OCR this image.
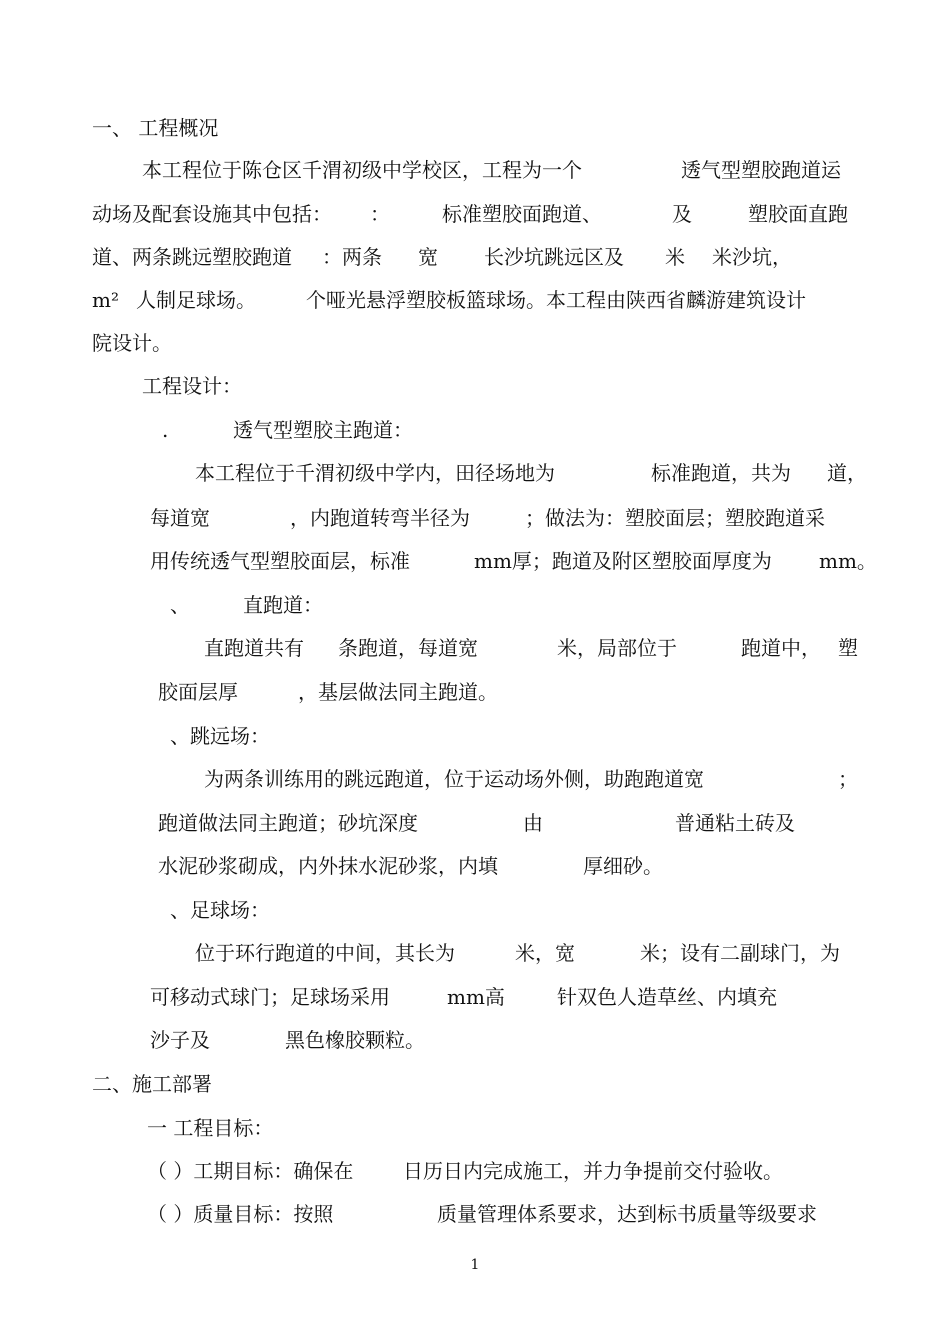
一、 工程概况
本工程位于陈仓区千渭初级中学校区，工程为一个	透气型塑胶跑道运
动场及配套设施其中包括： ：	标准塑胶面跑道、	及	塑胶面直跑
道、两条跳远塑胶跑道 ：两条 宽 长沙坑跳远区及 米 米沙坑，
m² 人制足球场。	个哑光悬浮塑胶板篮球场。本工程由陕西省麟游建筑设计
院设计。
工程设计：
.	透气型塑胶主跑道：
本工程位于千渭初级中学内，田径场地为	标准跑道，共为 道，
每道宽	，内跑道转弯半径为	；做法为：塑胶面层；塑胶跑道采
用传统透气型塑胶面层，标准	mm厚；跑道及附区塑胶面厚度为 mm。
、	直跑道：
直跑道共有 条跑道，每道宽	米，局部位于	跑道中， 塑
胶面层厚	，基层做法同主跑道。
、跳远场：
为两条训练用的跳远跑道，位于运动场外侧，助跑跑道宽	；
跑道做法同主跑道；砂坑深度	由	普通粘土砖及
水泥砂浆砌成，内外抹水泥砂浆，内填	厚细砂。
、足球场：
位于环行跑道的中间，其长为	米，宽	米；设有二副球门，为
可移动式球门；足球场采用	mm高	针双色人造草丝、内填充
沙子及	黑色橡胶颗粒。
二、施工部署
一 工程目标：
（ ）工期目标：确保在 日历日内完成施工，并力争提前交付验收。
（ ）质量目标：按照	质量管理体系要求，达到标书质量等级要求
1
